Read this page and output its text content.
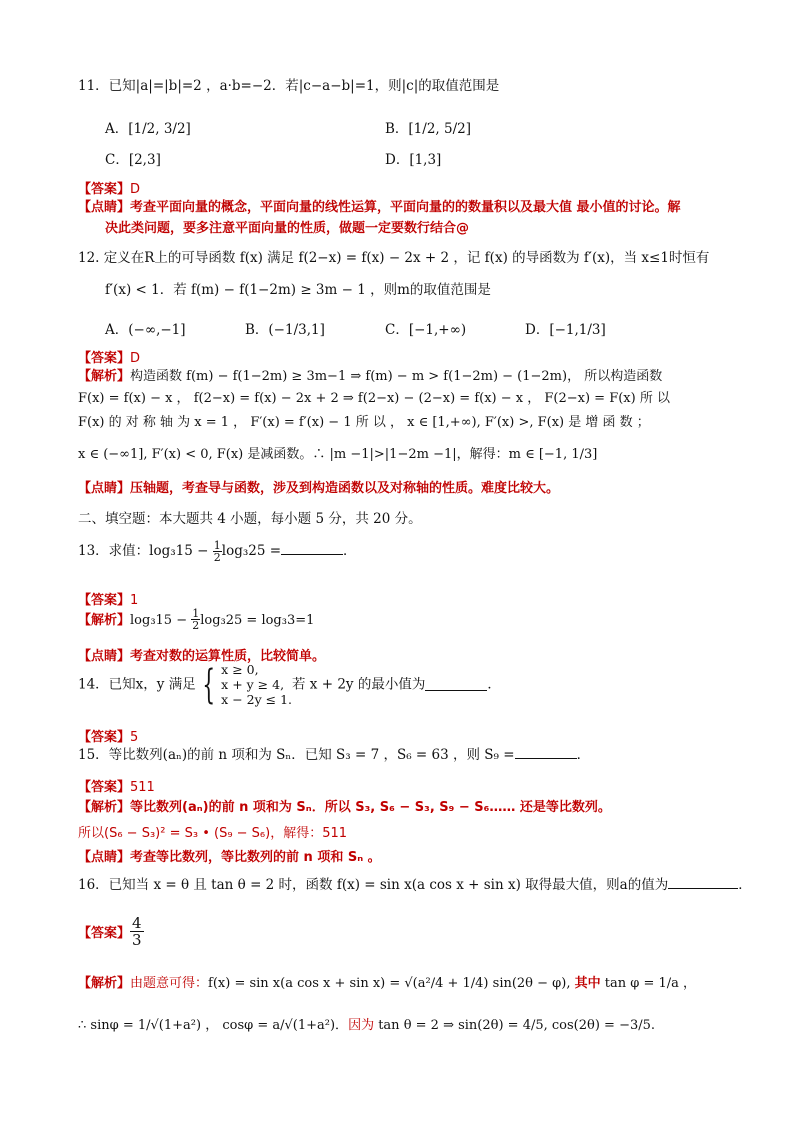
11．已知|a|=|b|=2 ，a·b=−2．若|c−a−b|=1，则|c|的取值范围是
A．[1/2, 3/2]	B．[1/2, 5/2]
C．[2,3]	D．[1,3]
【答案】D
【点睛】考查平面向量的概念，平面向量的线性运算，平面向量的的数量积以及最大值 最小值的讨论。解
决此类问题，要多注意平面向量的性质，做题一定要数行结合@
12. 定义在R上的可导函数 f(x) 满足 f(2−x) = f(x) − 2x + 2 ，记 f(x) 的导函数为 f′(x)，当 x≤1时恒有
f′(x) < 1．若 f(m) − f(1−2m) ≥ 3m − 1 ，则m的取值范围是
A．(−∞,−1]	B．(−1/3,1]	C．[−1,+∞)	D．[−1,1/3]
【答案】D
【解析】构造函数 f(m) − f(1−2m) ≥ 3m−1 ⇒ f(m) − m > f(1−2m) − (1−2m)， 所以构造函数
F(x) = f(x) − x ， f(2−x) = f(x) − 2x + 2 ⇒ f(2−x) − (2−x) = f(x) − x ， F(2−x) = F(x) 所 以
F(x) 的 对 称 轴 为 x = 1 ， F′(x) = f′(x) − 1 所 以 ， x ∈ [1,+∞), F′(x) >, F(x) 是 增 函 数 ；
x ∈ (−∞1], F′(x) < 0, F(x) 是减函数。∴ |m −1|>|1−2m −1|，解得：m ∈ [−1, 1/3]
【点睛】压轴题，考查导与函数，涉及到构造函数以及对称轴的性质。难度比较大。
二、填空题：本大题共 4 小题，每小题 5 分，共 20 分。
13．求值：$\log_315 - \frac{1}{2} \log_325$ =	．
【答案】1
【解析】$\log_315 - \frac{1}{2} \log_325 = \log_33=1$
【点睛】考查对数的运算性质，比较简单。
14．已知x，y 满足 { x ≥ 0,
x + y ≥ 4,
x − 2y ≤ 1.
若 x + 2y 的最小值为	．
【答案】5
15．等比数列(aₙ)的前 n 项和为 Sₙ．已知 S₃ = 7 ，S₆ = 63 ，则 S₉ =	．
【答案】511
【解析】等比数列(aₙ)的前 n 项和为 Sₙ．所以 S₃, S₆ − S₃, S₉ − S₆…… 还是等比数列。
所以(S₆ − S₃)² = S₃ • (S₉ − S₆)，解得：511
【点睛】考查等比数列，等比数列的前 n 项和 Sₙ 。
16．已知当 x = θ 且 tan θ = 2 时，函数 f(x) = sin x(a cos x + sin x) 取得最大值，则a的值为	．
【答案】 $\frac{4}{3}$
【解析】由题意可得：f(x) = sin x(a cos x + sin x) = √(a²/4 + 1/4) sin(2θ − φ), 其中 tan φ = 1/a ，
∴ sinφ = 1/√(1+a²) ， cosφ = a/√(1+a²)．因为 tan θ = 2 ⇒ sin(2θ) = 4/5, cos(2θ) = −3/5.
